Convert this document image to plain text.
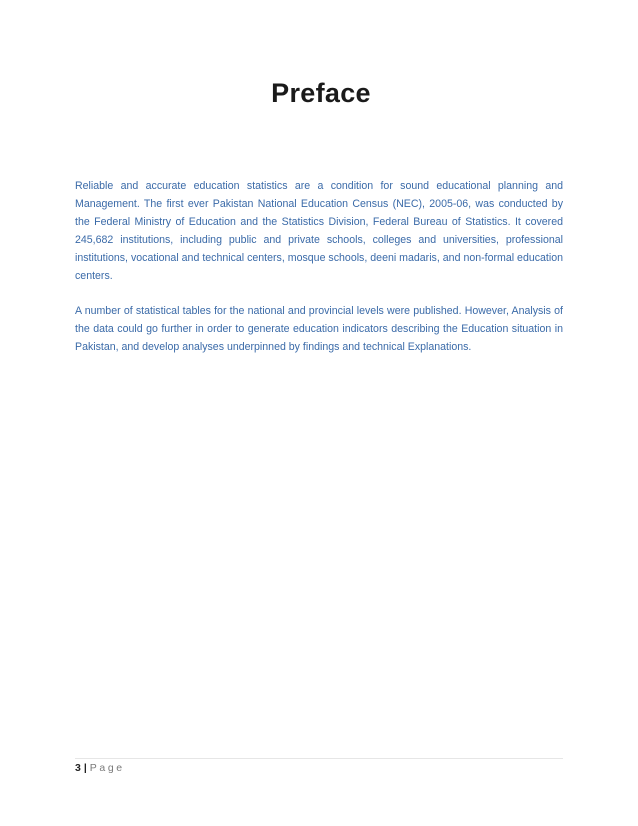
Preface

Reliable and accurate education statistics are a condition for sound educational planning and Management. The first ever Pakistan National Education Census (NEC), 2005-06, was conducted by the Federal Ministry of Education and the Statistics Division, Federal Bureau of Statistics. It covered 245,682 institutions, including public and private schools, colleges and universities, professional institutions, vocational and technical centers, mosque schools, deeni madaris, and non-formal education centers.

A number of statistical tables for the national and provincial levels were published. However, Analysis of the data could go further in order to generate education indicators describing the Education situation in Pakistan, and develop analyses underpinned by findings and technical Explanations.

3 | Page
